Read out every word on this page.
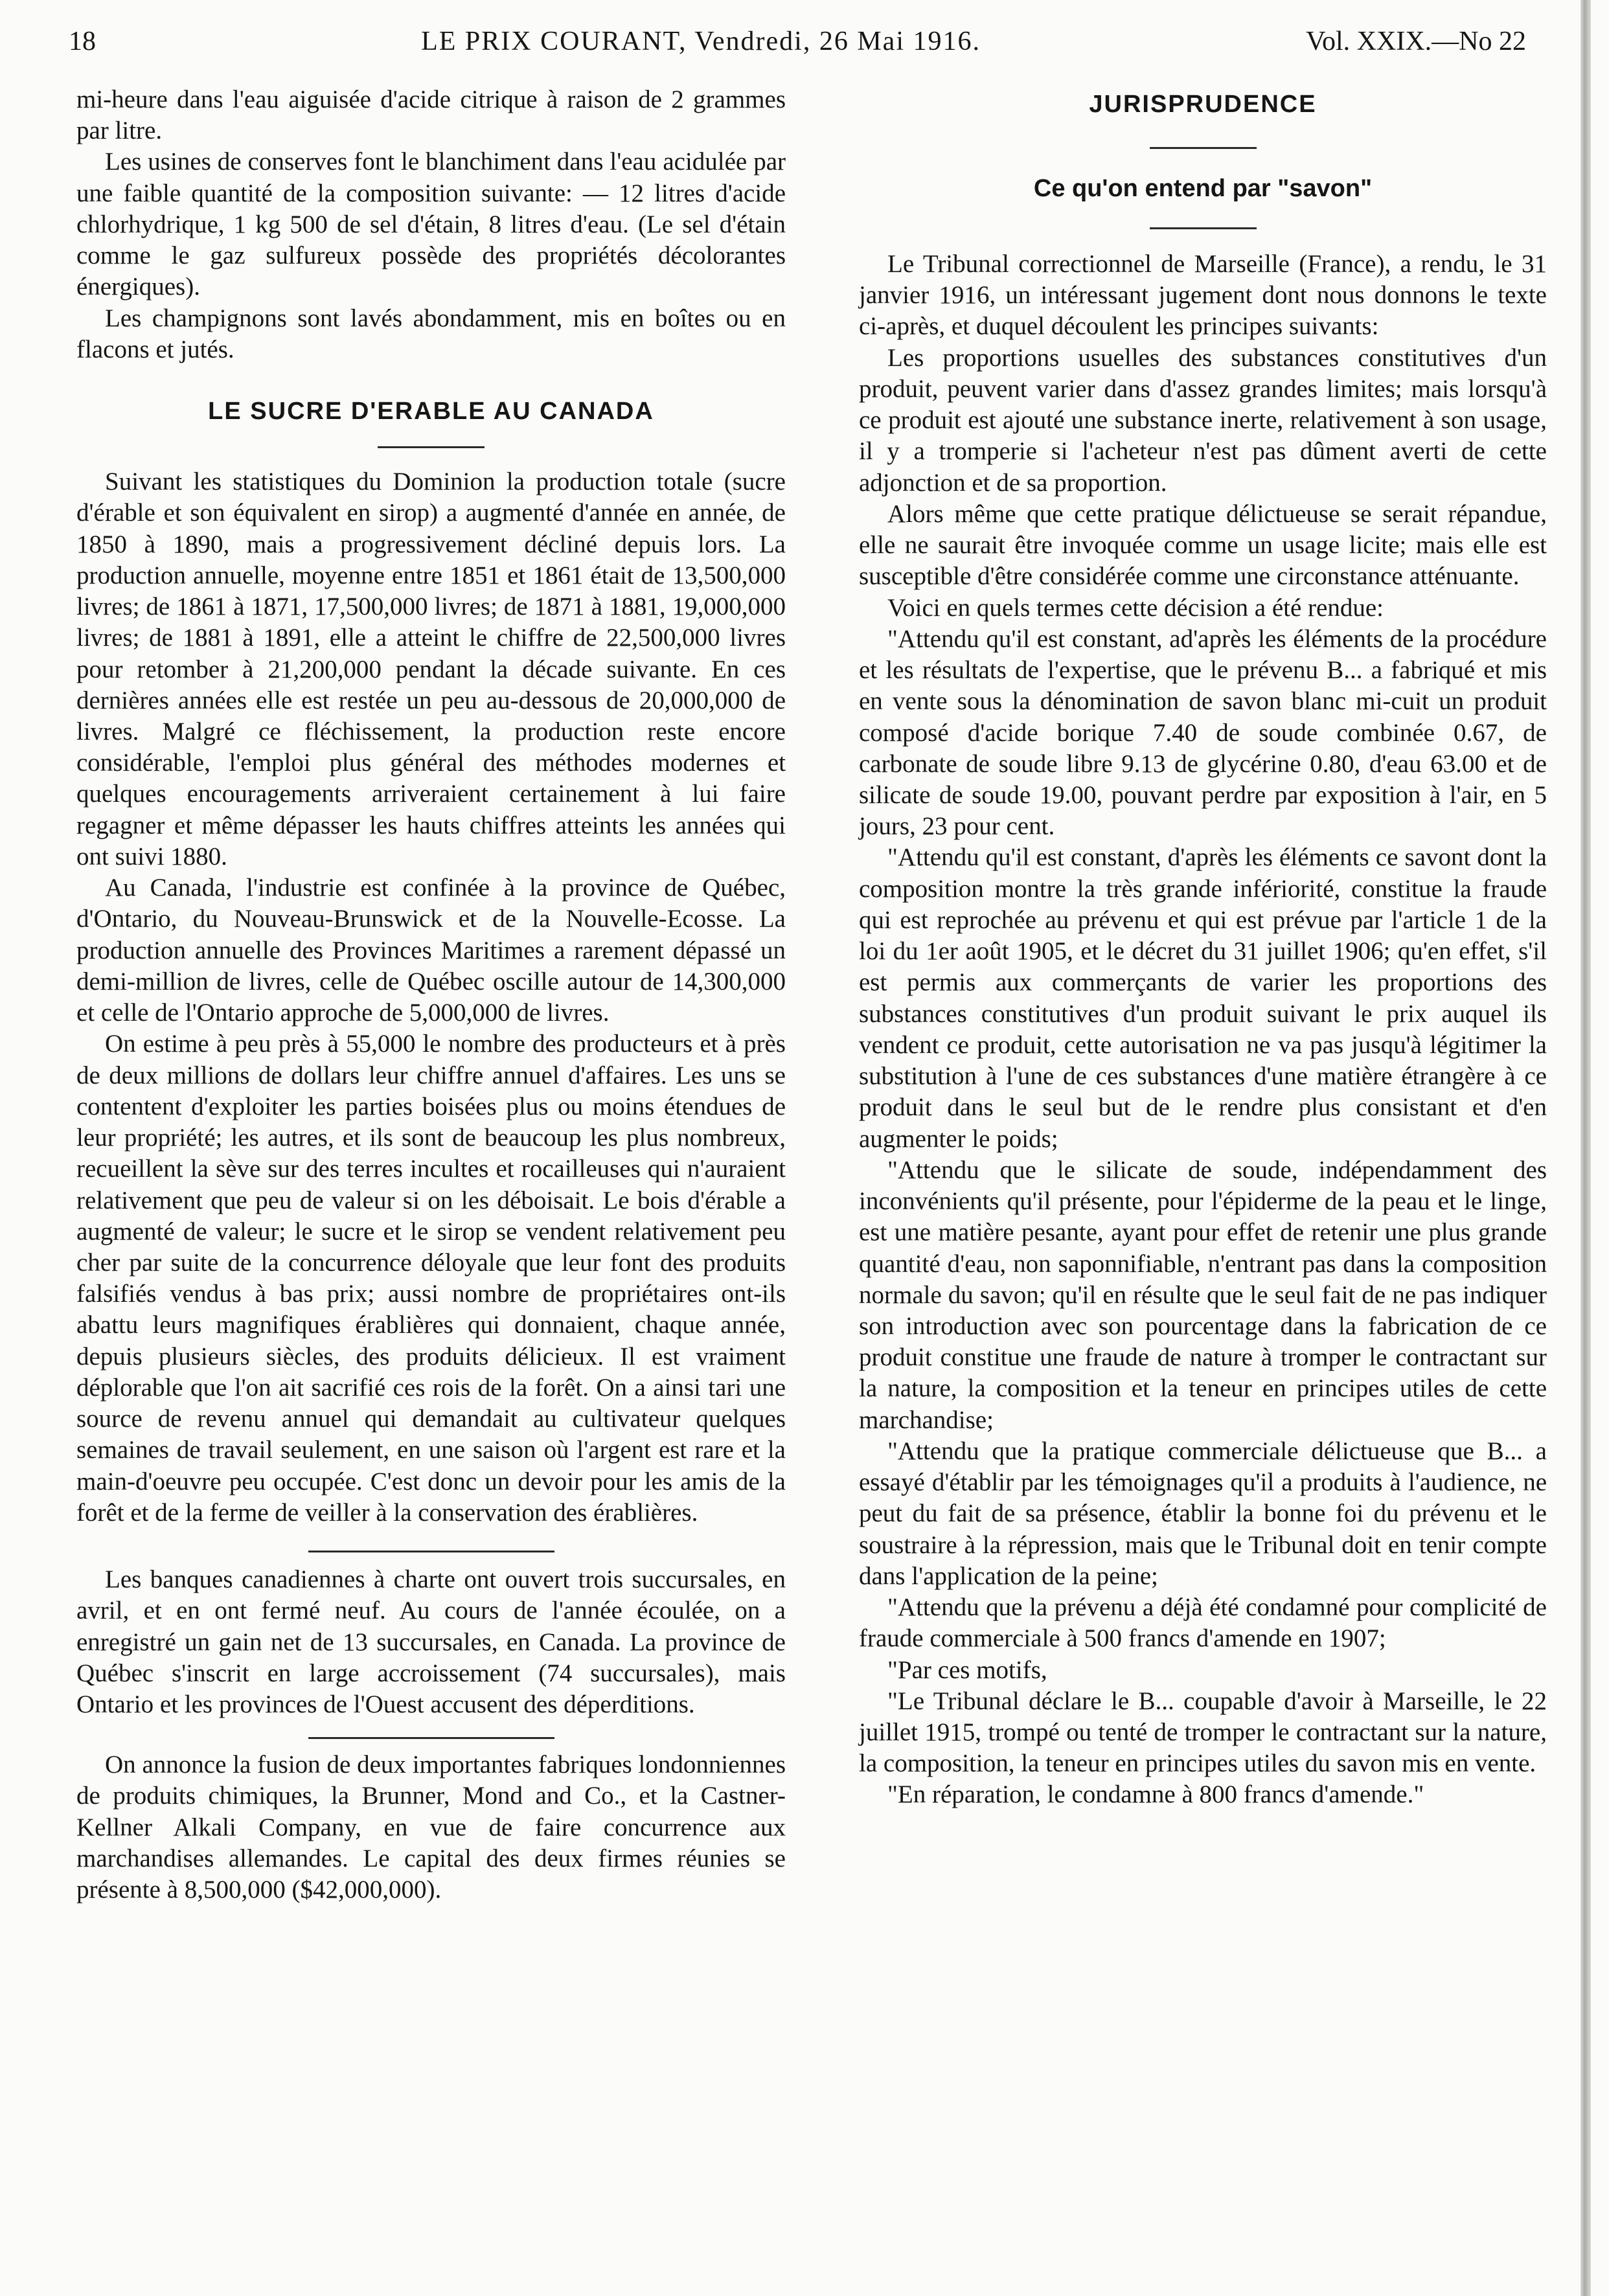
18	LE PRIX COURANT, Vendredi, 26 Mai 1916.	Vol. XXIX.—No 22

mi-heure dans l'eau aiguisée d'acide citrique à raison de 2 grammes par litre.

Les usines de conserves font le blanchiment dans l'eau acidulée par une faible quantité de la composition suivante: — 12 litres d'acide chlorhydrique, 1 kg 500 de sel d'étain, 8 litres d'eau. (Le sel d'étain comme le gaz sulfureux possède des propriétés décolorantes énergiques).

Les champignons sont lavés abondamment, mis en boîtes ou en flacons et jutés.

LE SUCRE D'ERABLE AU CANADA

Suivant les statistiques du Dominion la production totale (sucre d'érable et son équivalent en sirop) a augmenté d'année en année, de 1850 à 1890, mais a progressivement décliné depuis lors. La production annuelle, moyenne entre 1851 et 1861 était de 13,500,000 livres; de 1861 à 1871, 17,500,000 livres; de 1871 à 1881, 19,000,000 livres; de 1881 à 1891, elle a atteint le chiffre de 22,500,000 livres pour retomber à 21,200,000 pendant la décade suivante. En ces dernières années elle est restée un peu au-dessous de 20,000,000 de livres. Malgré ce fléchissement, la production reste encore considérable, l'emploi plus général des méthodes modernes et quelques encouragements arriveraient certainement à lui faire regagner et même dépasser les hauts chiffres atteints les années qui ont suivi 1880.

Au Canada, l'industrie est confinée à la province de Québec, d'Ontario, du Nouveau-Brunswick et de la Nouvelle-Ecosse. La production annuelle des Provinces Maritimes a rarement dépassé un demi-million de livres, celle de Québec oscille autour de 14,300,000 et celle de l'Ontario approche de 5,000,000 de livres.

On estime à peu près à 55,000 le nombre des producteurs et à près de deux millions de dollars leur chiffre annuel d'affaires. Les uns se contentent d'exploiter les parties boisées plus ou moins étendues de leur propriété; les autres, et ils sont de beaucoup les plus nombreux, recueillent la sève sur des terres incultes et rocailleuses qui n'auraient relativement que peu de valeur si on les déboisait. Le bois d'érable a augmenté de valeur; le sucre et le sirop se vendent relativement peu cher par suite de la concurrence déloyale que leur font des produits falsifiés vendus à bas prix; aussi nombre de propriétaires ont-ils abattu leurs magnifiques érablières qui donnaient, chaque année, depuis plusieurs siècles, des produits délicieux. Il est vraiment déplorable que l'on ait sacrifié ces rois de la forêt. On a ainsi tari une source de revenu annuel qui demandait au cultivateur quelques semaines de travail seulement, en une saison où l'argent est rare et la main-d'oeuvre peu occupée. C'est donc un devoir pour les amis de la forêt et de la ferme de veiller à la conservation des érablières.

Les banques canadiennes à charte ont ouvert trois succursales, en avril, et en ont fermé neuf. Au cours de l'année écoulée, on a enregistré un gain net de 13 succursales, en Canada. La province de Québec s'inscrit en large accroissement (74 succursales), mais Ontario et les provinces de l'Ouest accusent des déperditions.

On annonce la fusion de deux importantes fabriques londonniennes de produits chimiques, la Brunner, Mond and Co., et la Castner-Kellner Alkali Company, en vue de faire concurrence aux marchandises allemandes. Le capital des deux firmes réunies se présente à 8,500,000 ($42,000,000).

JURISPRUDENCE
Ce qu'on entend par "savon"

Le Tribunal correctionnel de Marseille (France), a rendu, le 31 janvier 1916, un intéressant jugement dont nous donnons le texte ci-après, et duquel découlent les principes suivants:

Les proportions usuelles des substances constitutives d'un produit, peuvent varier dans d'assez grandes limites; mais lorsqu'à ce produit est ajouté une substance inerte, relativement à son usage, il y a tromperie si l'acheteur n'est pas dûment averti de cette adjonction et de sa proportion.

Alors même que cette pratique délictueuse se serait répandue, elle ne saurait être invoquée comme un usage licite; mais elle est susceptible d'être considérée comme une circonstance atténuante.

Voici en quels termes cette décision a été rendue:

"Attendu qu'il est constant, ad'après les éléments de la procédure et les résultats de l'expertise, que le prévenu B... a fabriqué et mis en vente sous la dénomination de savon blanc mi-cuit un produit composé d'acide borique 7.40 de soude combinée 0.67, de carbonate de soude libre 9.13 de glycérine 0.80, d'eau 63.00 et de silicate de soude 19.00, pouvant perdre par exposition à l'air, en 5 jours, 23 pour cent.

"Attendu qu'il est constant, d'après les éléments ce savont dont la composition montre la très grande infériorité, constitue la fraude qui est reprochée au prévenu et qui est prévue par l'article 1 de la loi du 1er août 1905, et le décret du 31 juillet 1906; qu'en effet, s'il est permis aux commerçants de varier les proportions des substances constitutives d'un produit suivant le prix auquel ils vendent ce produit, cette autorisation ne va pas jusqu'à légitimer la substitution à l'une de ces substances d'une matière étrangère à ce produit dans le seul but de le rendre plus consistant et d'en augmenter le poids;

"Attendu que le silicate de soude, indépendamment des inconvénients qu'il présente, pour l'épiderme de la peau et le linge, est une matière pesante, ayant pour effet de retenir une plus grande quantité d'eau, non saponnifiable, n'entrant pas dans la composition normale du savon; qu'il en résulte que le seul fait de ne pas indiquer son introduction avec son pourcentage dans la fabrication de ce produit constitue une fraude de nature à tromper le contractant sur la nature, la composition et la teneur en principes utiles de cette marchandise;

"Attendu que la pratique commerciale délictueuse que B... a essayé d'établir par les témoignages qu'il a produits à l'audience, ne peut du fait de sa présence, établir la bonne foi du prévenu et le soustraire à la répression, mais que le Tribunal doit en tenir compte dans l'application de la peine;

"Attendu que la prévenu a déjà été condamné pour complicité de fraude commerciale à 500 francs d'amende en 1907;

"Par ces motifs,

"Le Tribunal déclare le B... coupable d'avoir à Marseille, le 22 juillet 1915, trompé ou tenté de tromper le contractant sur la nature, la composition, la teneur en principes utiles du savon mis en vente.

"En réparation, le condamne à 800 francs d'amende."
